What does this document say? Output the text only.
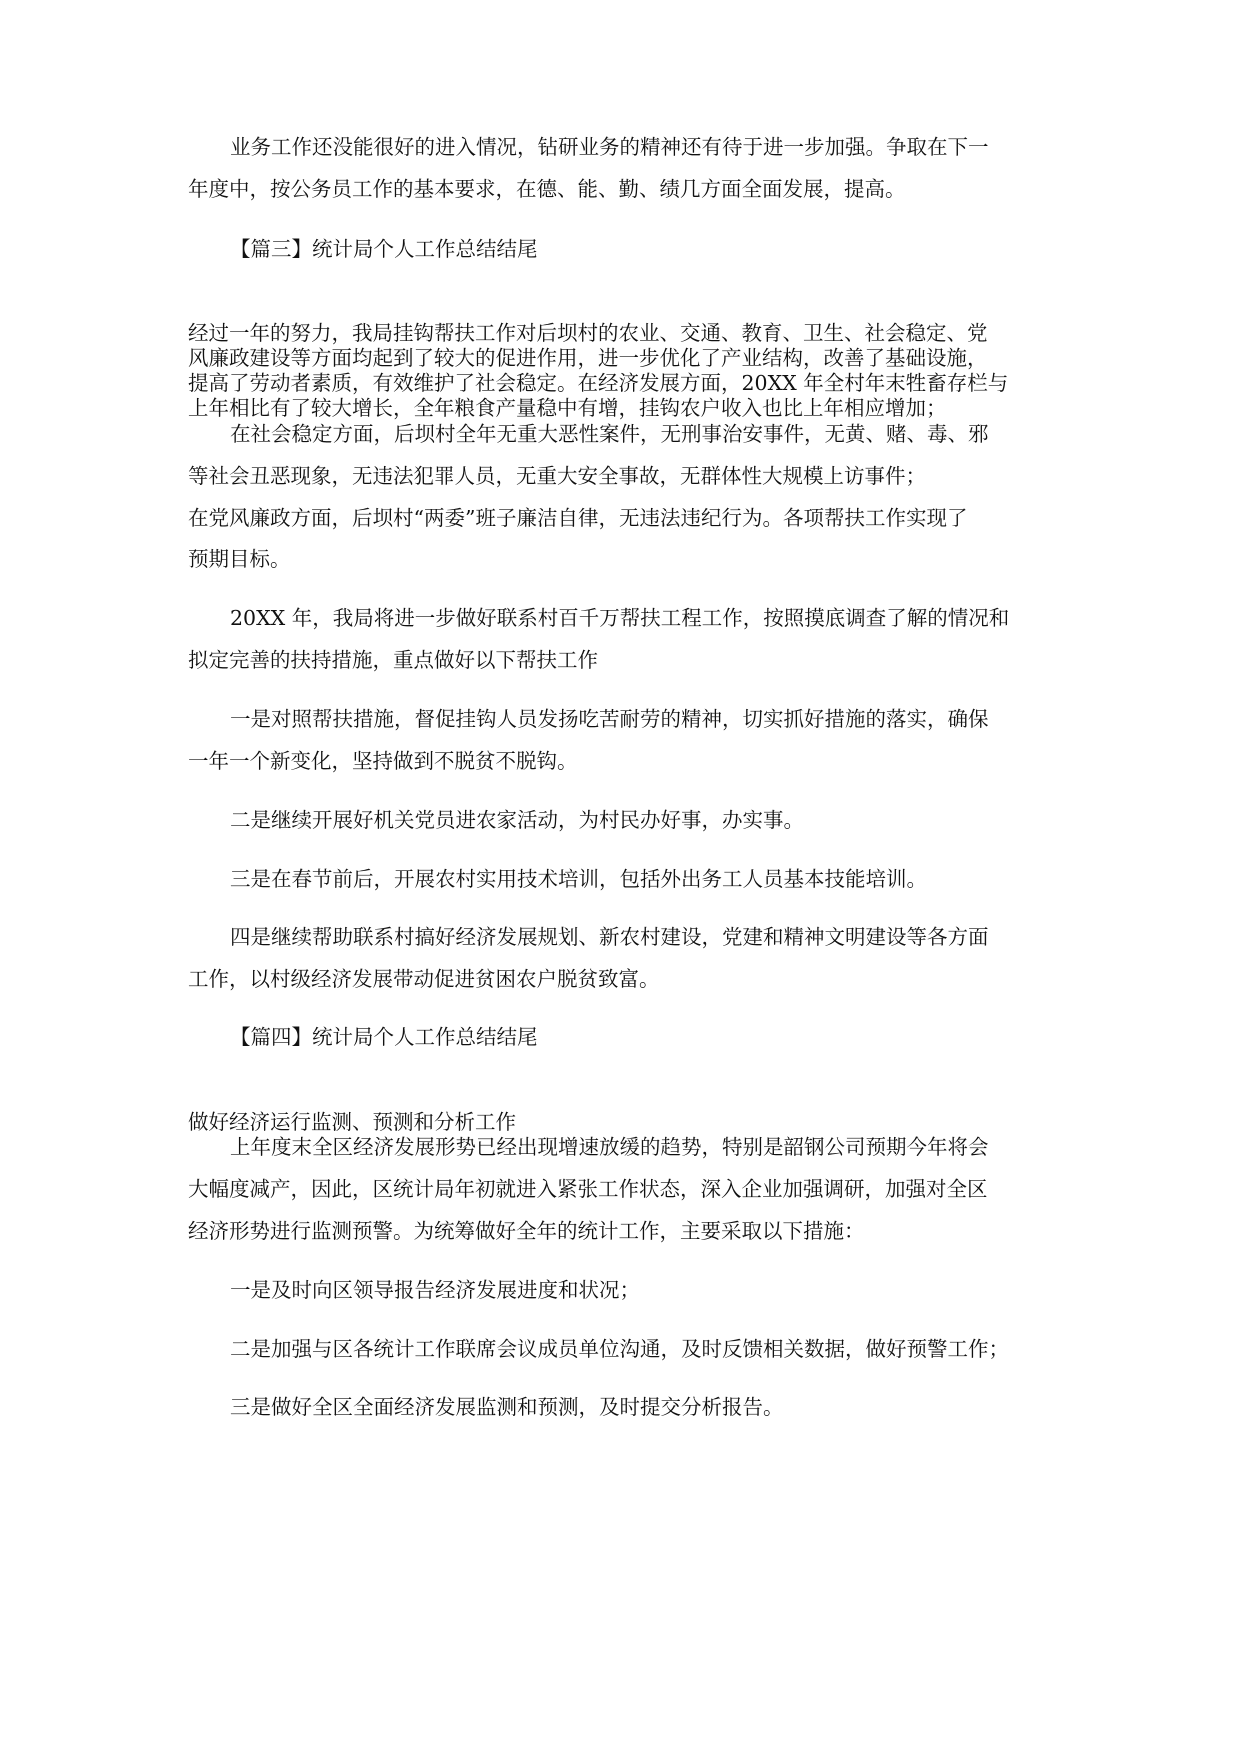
业务工作还没能很好的进入情况，钻研业务的精神还有待于进一步加强。争取在下一

年度中，按公务员工作的基本要求，在德、能、勤、绩几方面全面发展，提高。

【篇三】统计局个人工作总结结尾

经过一年的努力，我局挂钩帮扶工作对后坝村的农业、交通、教育、卫生、社会稳定、党

风廉政建设等方面均起到了较大的促进作用，进一步优化了产业结构，改善了基础设施，

提高了劳动者素质，有效维护了社会稳定。在经济发展方面，20XX 年全村年末牲畜存栏与

上年相比有了较大增长，全年粮食产量稳中有增，挂钩农户收入也比上年相应增加；

在社会稳定方面，后坝村全年无重大恶性案件，无刑事治安事件，无黄、赌、毒、邪

等社会丑恶现象，无违法犯罪人员，无重大安全事故，无群体性大规模上访事件；

在党风廉政方面，后坝村“两委”班子廉洁自律，无违法违纪行为。各项帮扶工作实现了

预期目标。

20XX 年，我局将进一步做好联系村百千万帮扶工程工作，按照摸底调查了解的情况和

拟定完善的扶持措施，重点做好以下帮扶工作

一是对照帮扶措施，督促挂钩人员发扬吃苦耐劳的精神，切实抓好措施的落实，确保

一年一个新变化，坚持做到不脱贫不脱钩。

二是继续开展好机关党员进农家活动，为村民办好事，办实事。

三是在春节前后，开展农村实用技术培训，包括外出务工人员基本技能培训。

四是继续帮助联系村搞好经济发展规划、新农村建设，党建和精神文明建设等各方面

工作，以村级经济发展带动促进贫困农户脱贫致富。

【篇四】统计局个人工作总结结尾

做好经济运行监测、预测和分析工作

上年度末全区经济发展形势已经出现增速放缓的趋势，特别是韶钢公司预期今年将会

大幅度减产，因此，区统计局年初就进入紧张工作状态，深入企业加强调研，加强对全区

经济形势进行监测预警。为统筹做好全年的统计工作，主要采取以下措施：

一是及时向区领导报告经济发展进度和状况；

二是加强与区各统计工作联席会议成员单位沟通，及时反馈相关数据，做好预警工作；

三是做好全区全面经济发展监测和预测，及时提交分析报告。
